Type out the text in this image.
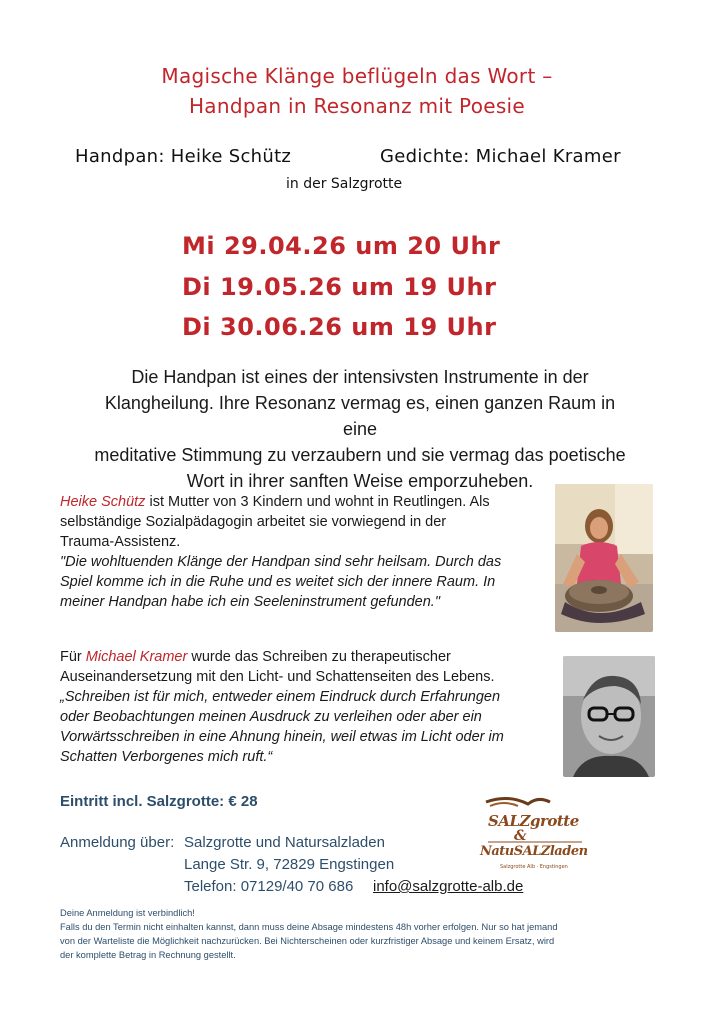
Magische Klänge beflügeln das Wort –
Handpan in Resonanz mit Poesie
Handpan: Heike Schütz	Gedichte: Michael Kramer
in der Salzgrotte
Mi 29.04.26 um 20 Uhr
Di 19.05.26 um 19 Uhr
Di 30.06.26 um 19 Uhr
Die Handpan ist eines der intensivsten Instrumente in der
Klangheilung. Ihre Resonanz vermag es, einen ganzen Raum in eine
meditative Stimmung zu verzaubern und sie vermag das poetische
Wort in ihrer sanften Weise emporzuheben.
Heike Schütz ist Mutter von 3 Kindern und wohnt in Reutlingen. Als
selbständige Sozialpädagogin arbeitet sie vorwiegend in der
Trauma-Assistenz.
"Die wohltuenden Klänge der Handpan sind sehr heilsam. Durch das
Spiel komme ich in die Ruhe und es weitet sich der innere Raum. In
meiner Handpan habe ich ein Seeleninstrument gefunden."
Für Michael Kramer wurde das Schreiben zu therapeutischer
Auseinandersetzung mit den Licht- und Schattenseiten des Lebens.
„Schreiben ist für mich, entweder einem Eindruck durch Erfahrungen
oder Beobachtungen meinen Ausdruck zu verleihen oder aber ein
Vorwärtsschreiben in eine Ahnung hinein, weil etwas im Licht oder im
Schatten Verborgenes mich ruft.“
Eintritt incl. Salzgrotte: € 28
Anmeldung über: Salzgrotte und Natursalzladen
Lange Str. 9, 72829 Engstingen
Telefon: 07129/40 70 686 info@salzgrotte-alb.de
SALZgrotte
&
NatuSALZladen
Salzgrotte Alb · Engstingen
Deine Anmeldung ist verbindlich!
Falls du den Termin nicht einhalten kannst, dann muss deine Absage mindestens 48h vorher erfolgen. Nur so hat jemand
von der Warteliste die Möglichkeit nachzurücken. Bei Nichterscheinen oder kurzfristiger Absage und keinem Ersatz, wird
der komplette Betrag in Rechnung gestellt.
